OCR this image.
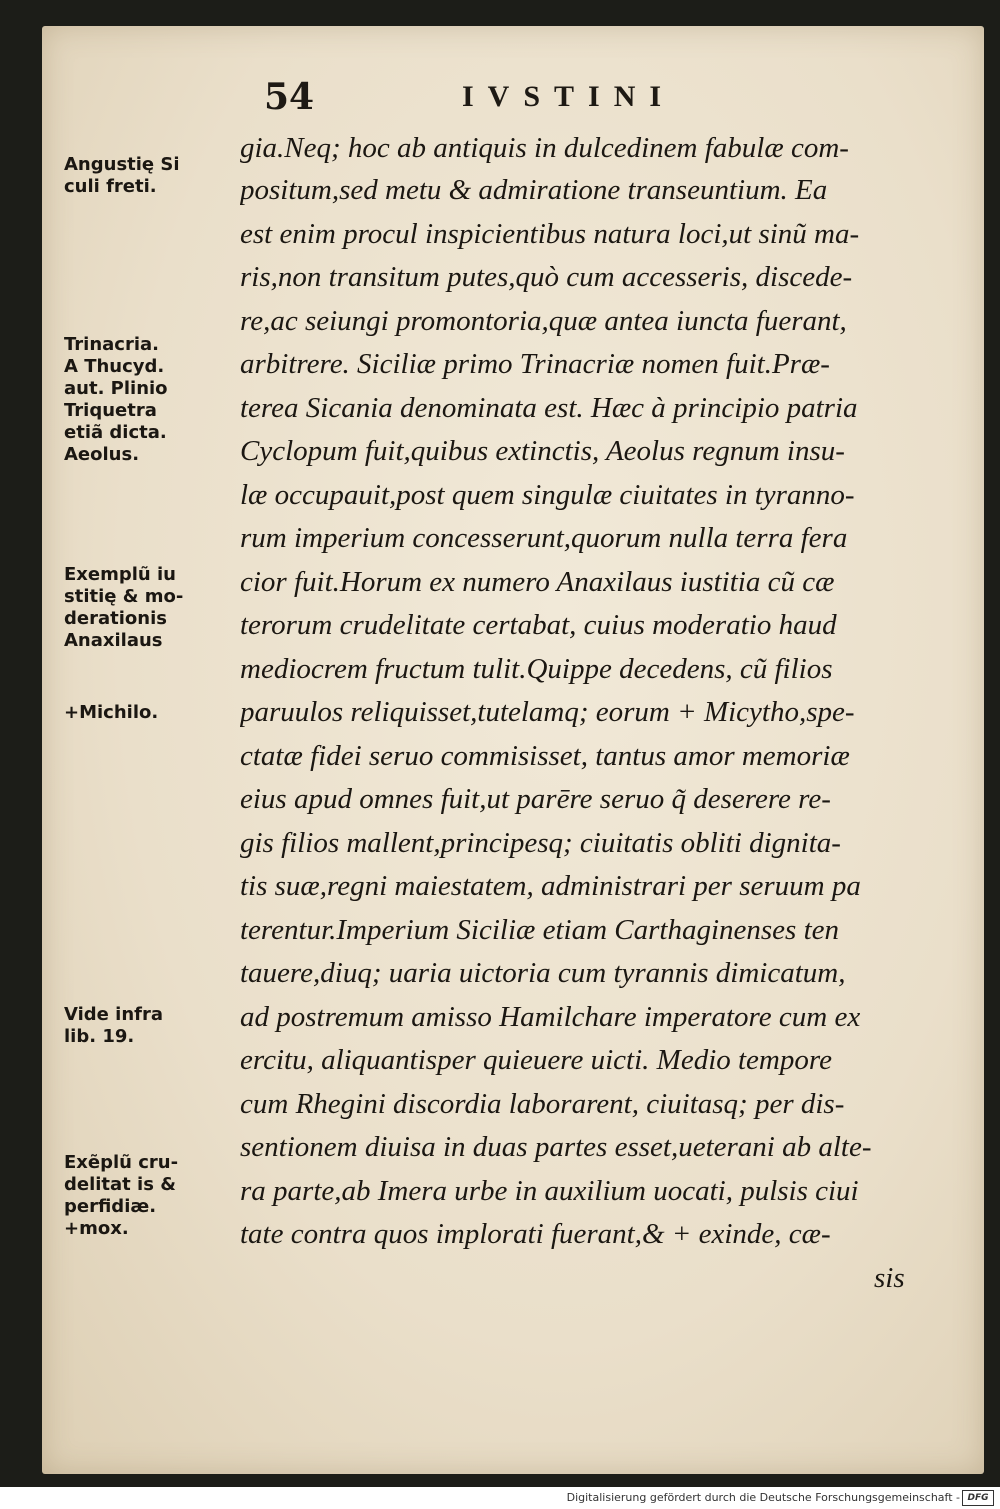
54	IVSTINI
gia.Neq; hoc ab antiquis in dulcedinem fabulæ com-
positum,sed metu & admiratione transeuntium. Ea
est enim procul inspicientibus natura loci,ut sinũ ma-
ris,non transitum putes,quò cum accesseris, discede-
re,ac seiungi promontoria,quæ antea iuncta fuerant,
arbitrere. Siciliæ primo Trinacriæ nomen fuit.Præ-
terea Sicania denominata est. Hæc à principio patria
Cyclopum fuit,quibus extinctis, Aeolus regnum insu-
læ occupauit,post quem singulæ ciuitates in tyranno-
rum imperium concesserunt,quorum nulla terra fera
cior fuit.Horum ex numero Anaxilaus iustitia cũ cæ
terorum crudelitate certabat, cuius moderatio haud
mediocrem fructum tulit.Quippe decedens, cũ filios
paruulos reliquisset,tutelamq; eorum + Micytho,spe-
ctatæ fidei seruo commisisset, tantus amor memoriæ
eius apud omnes fuit,ut parēre seruo q̃ deserere re-
gis filios mallent,principesq; ciuitatis obliti dignita-
tis suæ,regni maiestatem, administrari per seruum pa
terentur.Imperium Siciliæ etiam Carthaginenses ten
tauere,diuq; uaria uictoria cum tyrannis dimicatum,
ad postremum amisso Hamilchare imperatore cum ex
ercitu, aliquantisper quieuere uicti. Medio tempore
cum Rhegini discordia laborarent, ciuitasq; per dis-
sentionem diuisa in duas partes esset,ueterani ab alte-
ra parte,ab Imera urbe in auxilium uocati, pulsis ciui
tate contra quos implorati fuerant,& + exinde, cæ-
sis
Angustię Si
culi freti.
Trinacria.
A Thucyd.
aut. Plinio
Triquetra
etiã dicta.
Aeolus.
Exemplũ iu
stitię & mo-
derationis
Anaxilaus
+Michilo.
Vide infra
lib. 19.
Exẽplũ cru-
delitat is &
perfidiæ.
+mox.
Digitalisierung gefördert durch die Deutsche Forschungsgemeinschaft - DFG
